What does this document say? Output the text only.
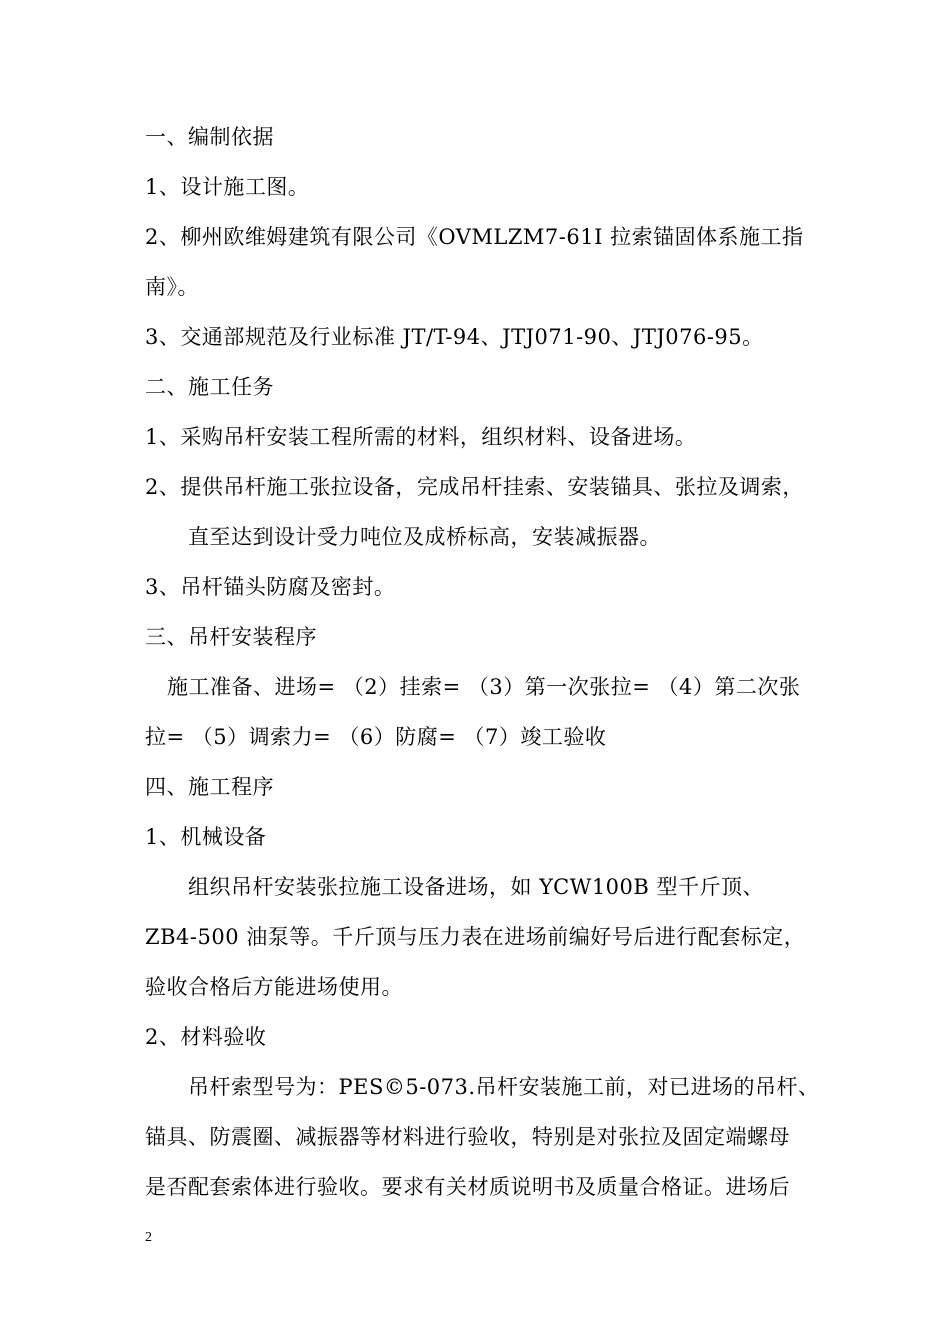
一、编制依据
1、设计施工图。
2、柳州欧维姆建筑有限公司《OVMLZM7-61I 拉索锚固体系施工指
南》。
3、交通部规范及行业标准 JT/T-94、JTJ071-90、JTJ076-95。
二、施工任务
1、采购吊杆安装工程所需的材料，组织材料、设备进场。
2、提供吊杆施工张拉设备，完成吊杆挂索、安装锚具、张拉及调索，
直至达到设计受力吨位及成桥标高，安装减振器。
3、吊杆锚头防腐及密封。
三、吊杆安装程序
施工准备、进场= （2）挂索= （3）第一次张拉= （4）第二次张
拉= （5）调索力= （6）防腐= （7）竣工验收
四、施工程序
1、机械设备
组织吊杆安装张拉施工设备进场，如 YCW100B 型千斤顶、
ZB4-500 油泵等。千斤顶与压力表在进场前编好号后进行配套标定，
验收合格后方能进场使用。
2、材料验收
吊杆索型号为：PES©5-073.吊杆安装施工前，对已进场的吊杆、
锚具、防震圈、减振器等材料进行验收，特别是对张拉及固定端螺母
是否配套索体进行验收。要求有关材质说明书及质量合格证。进场后
2
